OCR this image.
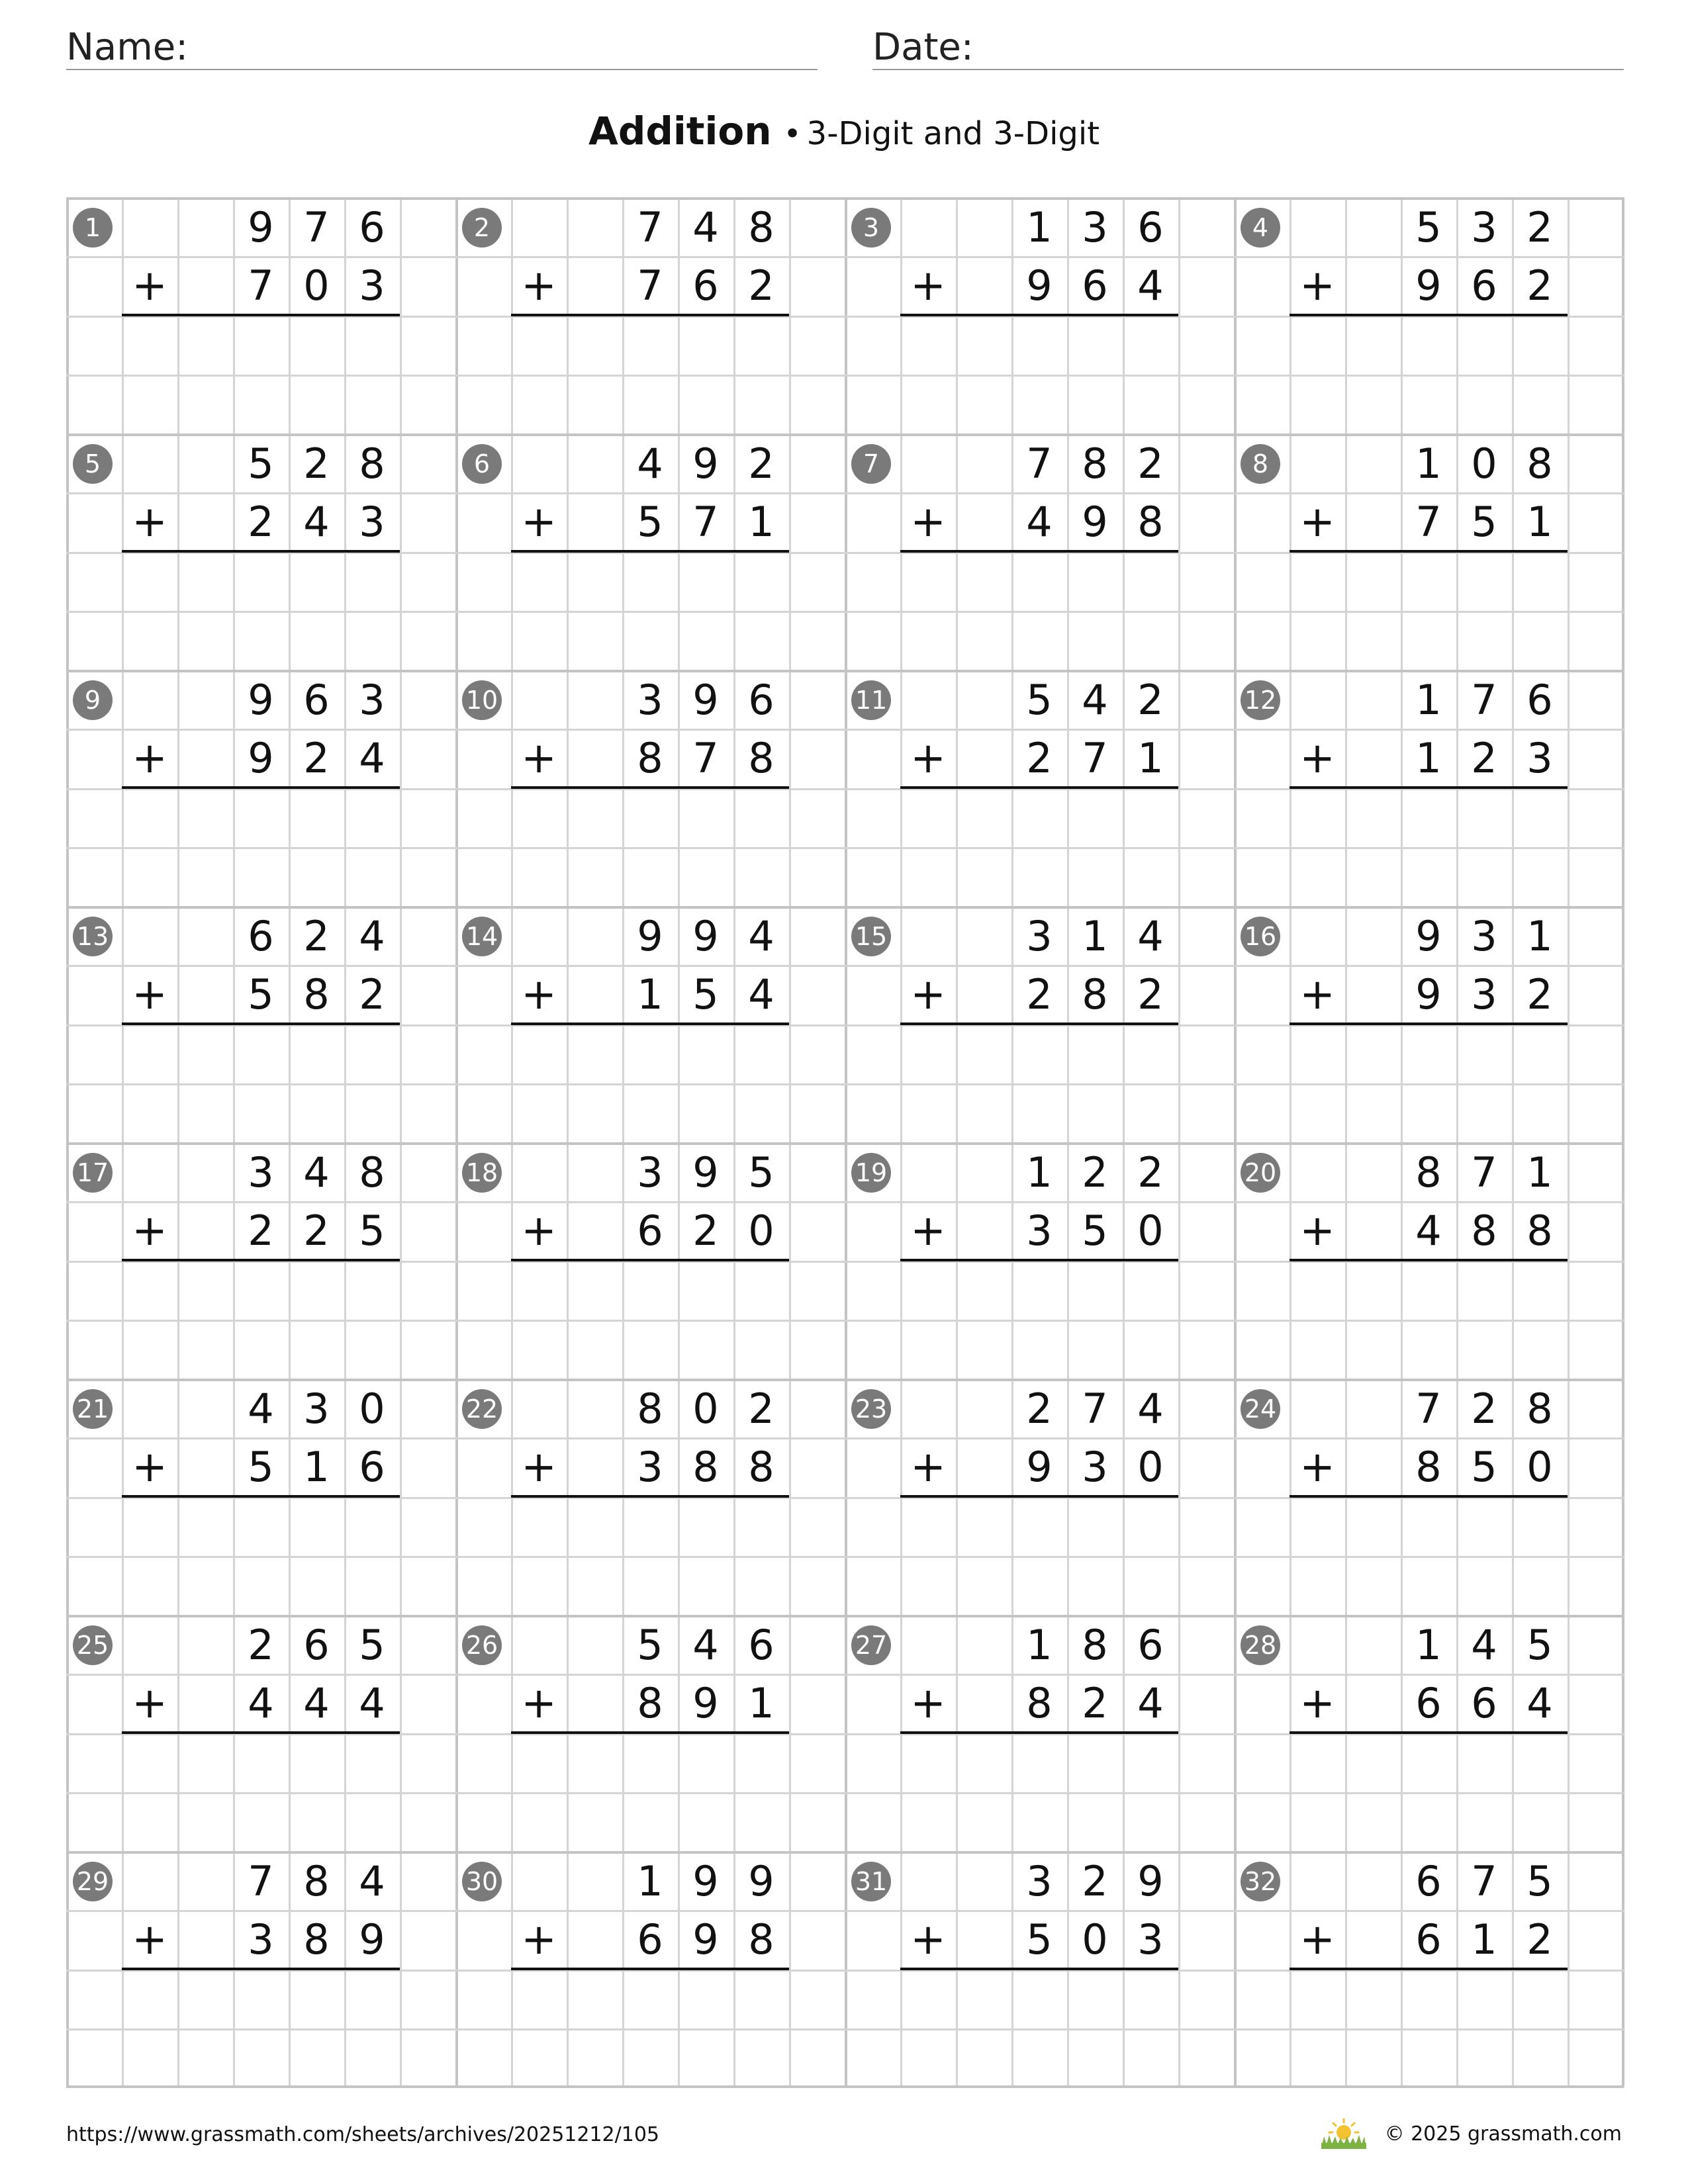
Name:	Date:
Addition • 3-Digit and 3-Digit
1	9 7 6
7 0 3
+
2	7 4 8
7 6 2
+
3	1 3 6
9 6 4
+
4	5 3 2
9 6 2
+
5	5 2 8
2 4 3
+
6	4 9 2
5 7 1
+
7	7 8 2
4 9 8
+
8	1 0 8
7 5 1
+
9	9 6 3
9 2 4
+
10	3 9 6
8 7 8
+
11	5 4 2
2 7 1
+
12	1 7 6
1 2 3
+
13	6 2 4
5 8 2
+
14	9 9 4
1 5 4
+
15	3 1 4
2 8 2
+
16	9 3 1
9 3 2
+
17	3 4 8
2 2 5
+
18	3 9 5
6 2 0
+
19	1 2 2
3 5 0
+
20	8 7 1
4 8 8
+
21	4 3 0
5 1 6
+
22	8 0 2
3 8 8
+
23	2 7 4
9 3 0
+
24	7 2 8
8 5 0
+
25	2 6 5
4 4 4
+
26	5 4 6
8 9 1
+
27	1 8 6
8 2 4
+
28	1 4 5
6 6 4
+
29	7 8 4
3 8 9
+
30	1 9 9
6 9 8
+
31	3 2 9
5 0 3
+
32	6 7 5
6 1 2
+
https://www.grassmath.com/sheets/archives/20251212/105	© 2025 grassmath.com
